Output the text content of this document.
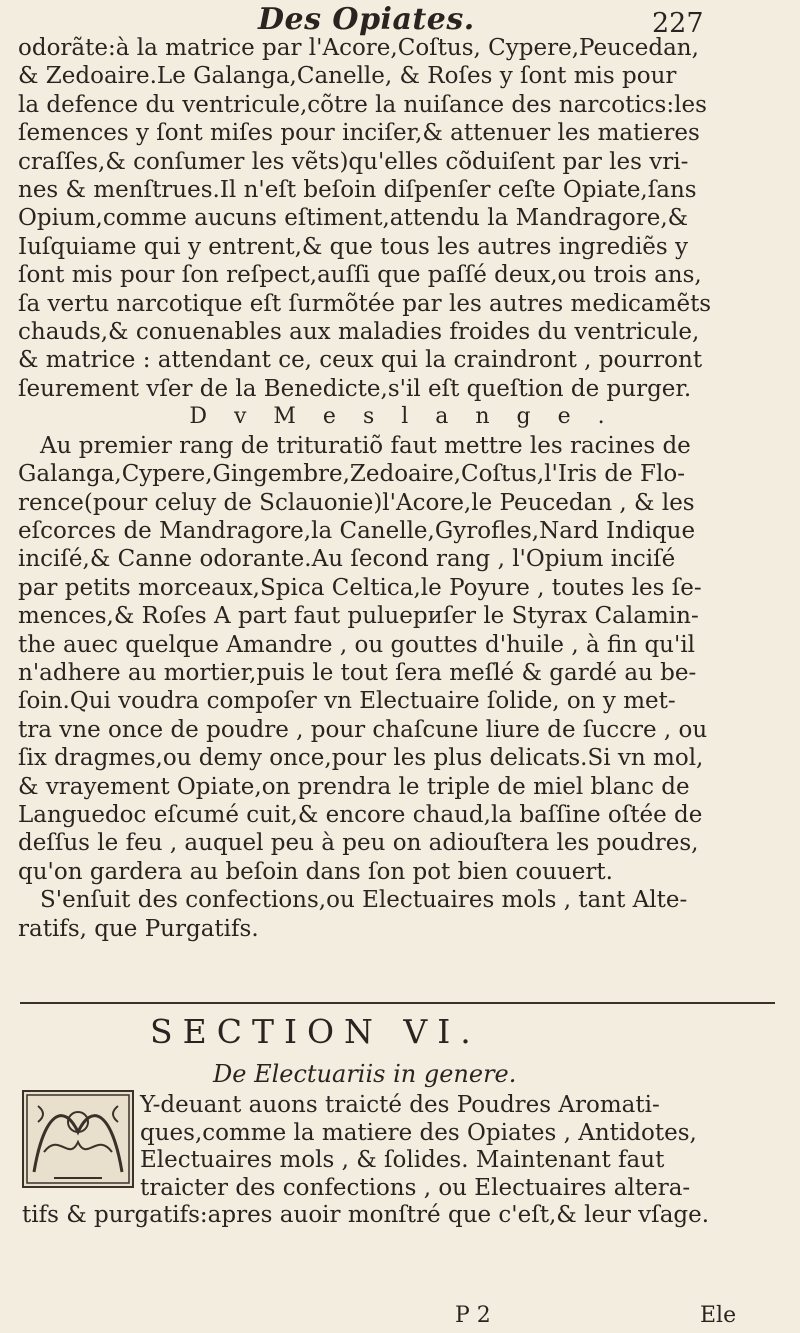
Des Opiates.	227
odorãte:à la matrice par l'Acore,Coſtus, Cypere,Peucedan,
& Zedoaire.Le Galanga,Canelle, & Roſes y ſont mis pour
la defence du ventricule,cõtre la nuiſance des narcotics:les
ſemences y ſont miſes pour inciſer,& attenuer les matieres
craſſes,& conſumer les vẽts)qu'elles cõduiſent par les vri-
nes & menſtrues.Il n'eſt beſoin diſpenſer ceſte Opiate,ſans
Opium,comme aucuns eſtiment,attendu la Mandragore,&
Iuſquiame qui y entrent,& que tous les autres ingrediẽs y
ſont mis pour ſon reſpect,auſſi que paſſé deux,ou trois ans,
ſa vertu narcotique eſt ſurmõtée par les autres medicamẽts
chauds,& conuenables aux maladies froides du ventricule,
& matrice : attendant ce, ceux qui la craindront , pourront
ſeurement vſer de la Benedicte,s'il eſt queſtion de purger.
D v M e s l a n g e .
Au premier rang de trituratiõ faut mettre les racines de
Galanga,Cypere,Gingembre,Zedoaire,Coſtus,l'Iris de Flo-
rence(pour celuy de Sclauonie)l'Acore,le Peucedan , & les
eſcorces de Mandragore,la Canelle,Gyrofles,Nard Indique
inciſé,& Canne odorante.Au ſecond rang , l'Opium inciſé
par petits morceaux,Spica Celtica,le Poyure , toutes les ſe-
mences,& Roſes A part faut puluериſer le Styrax Calamin-
the auec quelque Amandre , ou gouttes d'huile , à fin qu'il
n'adhere au mortier,puis le tout ſera meſlé & gardé au be-
ſoin.Qui voudra compoſer vn Electuaire ſolide, on y met-
tra vne once de poudre , pour chaſcune liure de ſuccre , ou
ſix dragmes,ou demy once,pour les plus delicats.Si vn mol,
& vrayement Opiate,on prendra le triple de miel blanc de
Languedoc eſcumé cuit,& encore chaud,la baſſine oſtée de
deſſus le feu , auquel peu à peu on adiouſtera les poudres,
qu'on gardera au beſoin dans ſon pot bien couuert.
S'enſuit des confections,ou Electuaires mols , tant Alte-
ratifs, que Purgatifs.
SECTION VI.
De Electuariis in genere.
Y-deuant auons traicté des Poudres Aromati-
ques,comme la matiere des Opiates , Antidotes,
Electuaires mols , & ſolides. Maintenant faut
traicter des confections , ou Electuaires altera-
tifs & purgatifs:apres auoir monſtré que c'eſt,& leur vſage.
P 2	Ele
